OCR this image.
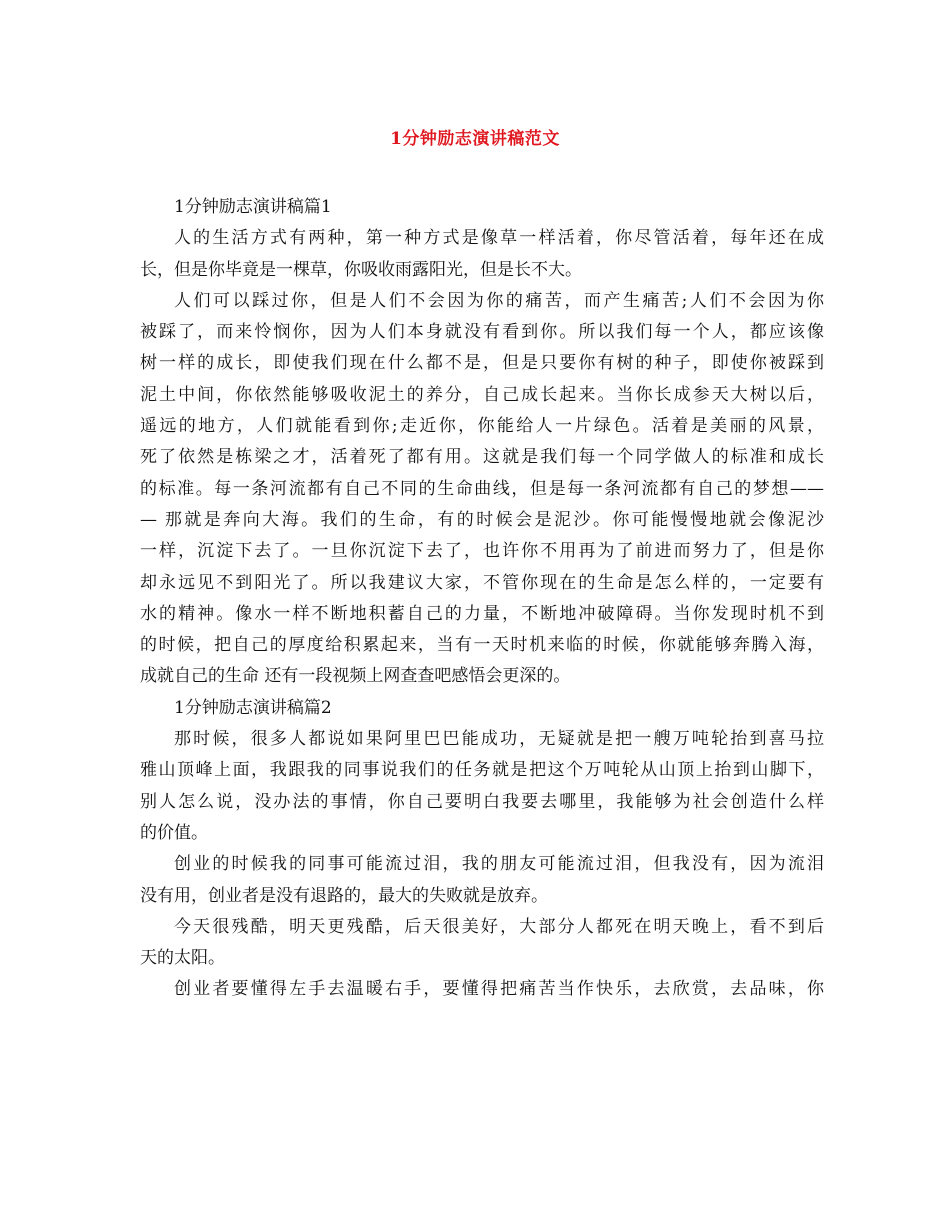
1分钟励志演讲稿范文
1分钟励志演讲稿篇1
人的生活方式有两种，第一种方式是像草一样活着，你尽管活着，每年还在成
长，但是你毕竟是一棵草，你吸收雨露阳光，但是长不大。
人们可以踩过你，但是人们不会因为你的痛苦，而产生痛苦;人们不会因为你
被踩了，而来怜悯你，因为人们本身就没有看到你。所以我们每一个人，都应该像
树一样的成长，即使我们现在什么都不是，但是只要你有树的种子，即使你被踩到
泥土中间，你依然能够吸收泥土的养分，自己成长起来。当你长成参天大树以后，
遥远的地方，人们就能看到你;走近你，你能给人一片绿色。活着是美丽的风景，
死了依然是栋梁之才，活着死了都有用。这就是我们每一个同学做人的标准和成长
的标准。每一条河流都有自己不同的生命曲线，但是每一条河流都有自己的梦想——
— 那就是奔向大海。我们的生命，有的时候会是泥沙。你可能慢慢地就会像泥沙
一样，沉淀下去了。一旦你沉淀下去了，也许你不用再为了前进而努力了，但是你
却永远见不到阳光了。所以我建议大家，不管你现在的生命是怎么样的，一定要有
水的精神。像水一样不断地积蓄自己的力量，不断地冲破障碍。当你发现时机不到
的时候，把自己的厚度给积累起来，当有一天时机来临的时候，你就能够奔腾入海，
成就自己的生命 还有一段视频上网查查吧感悟会更深的。
1分钟励志演讲稿篇2
那时候，很多人都说如果阿里巴巴能成功，无疑就是把一艘万吨轮抬到喜马拉
雅山顶峰上面，我跟我的同事说我们的任务就是把这个万吨轮从山顶上抬到山脚下，
别人怎么说，没办法的事情，你自己要明白我要去哪里，我能够为社会创造什么样
的价值。
创业的时候我的同事可能流过泪，我的朋友可能流过泪，但我没有，因为流泪
没有用，创业者是没有退路的，最大的失败就是放弃。
今天很残酷，明天更残酷，后天很美好，大部分人都死在明天晚上，看不到后
天的太阳。
创业者要懂得左手去温暖右手，要懂得把痛苦当作快乐，去欣赏，去品味，你
